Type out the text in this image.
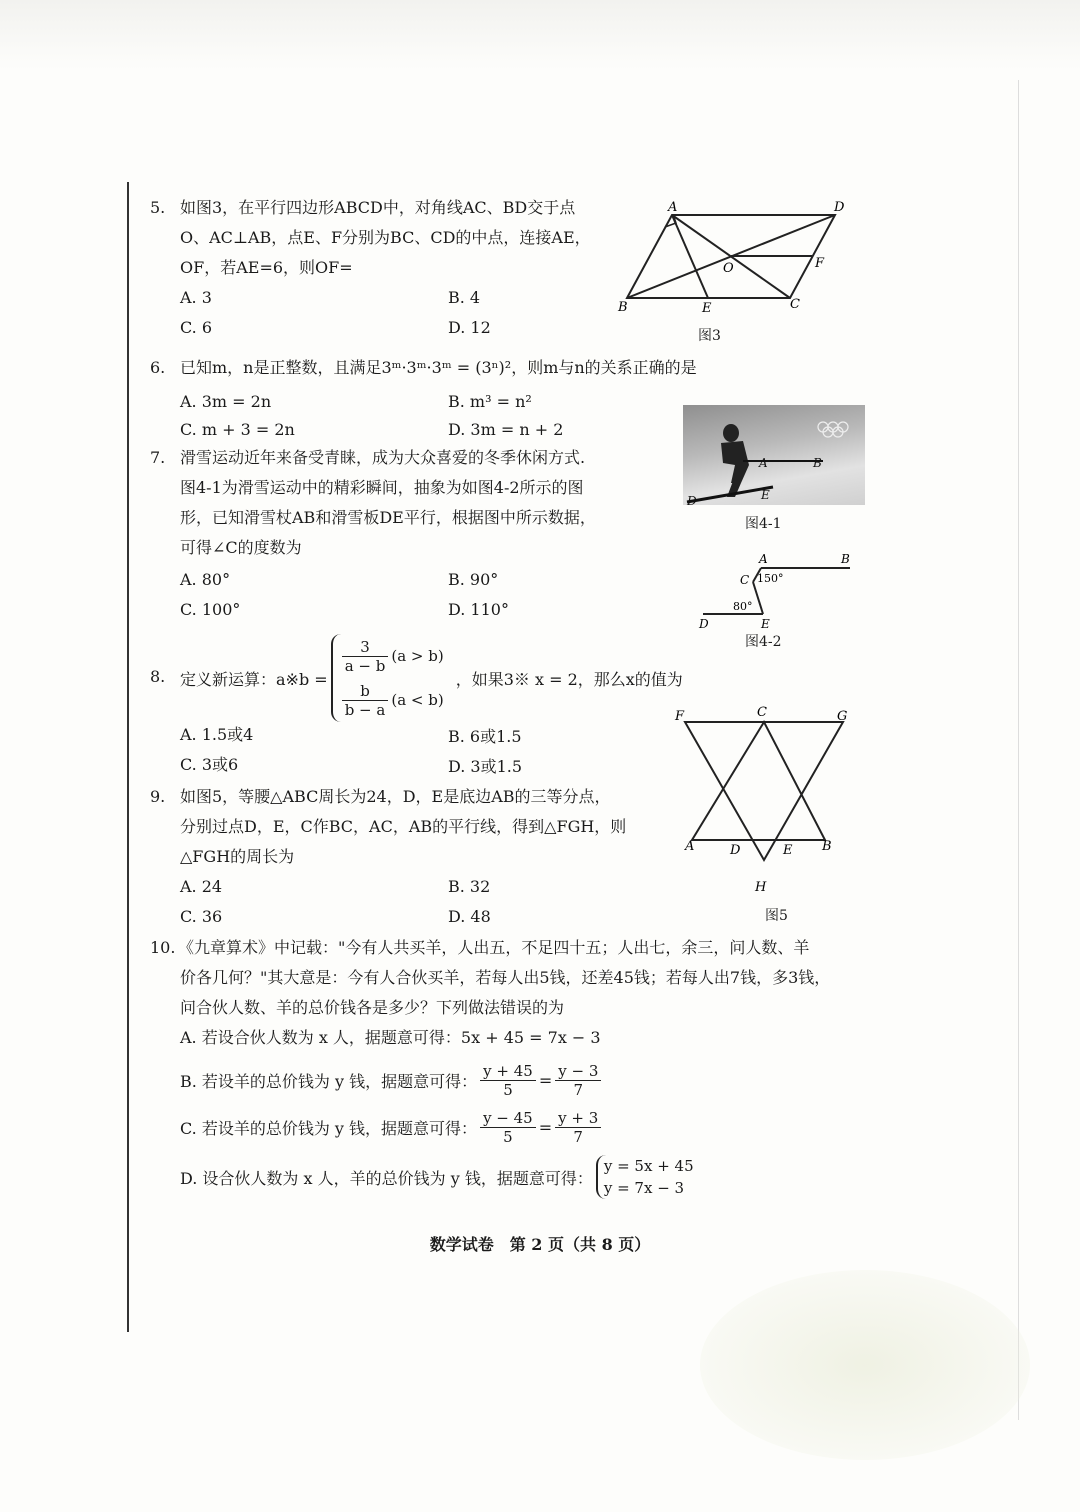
5. 如图3，在平行四边形ABCD中，对角线AC、BD交于点
O、AC⊥AB，点E、F分别为BC、CD的中点，连接AE，
OF，若AE=6，则OF=
A. 3	B. 4
C. 6	D. 12
A	D
B	E	C
F
O
图3
6. 已知m，n是正整数，且满足3ᵐ·3ᵐ·3ᵐ = (3ⁿ)²，则m与n的关系正确的是
A. 3m = 2n	B. m³ = n²
C. m + 3 = 2n	D. 3m = n + 2
7. 滑雪运动近年来备受青睐，成为大众喜爱的冬季休闲方式.
图4-1为滑雪运动中的精彩瞬间，抽象为如图4-2所示的图
形，已知滑雪杖AB和滑雪板DE平行，根据图中所示数据，
可得∠C的度数为
A. 80°	B. 90°
C. 100°	D. 110°
A	B
D	E
图4-1
A	B
C
D	E
150°
80°
图4-2
8. 定义新运算：a※b =
$\frac{3}{a - b} (a > b)$
$\frac{b}{b - a} (a < b)$
，如果3※ x = 2，那么x的值为
A. 1.5或4	B. 6或1.5
C. 3或6	D. 3或1.5
F	C	G
A	D	E B
H
图5
9. 如图5，等腰△ABC周长为24，D，E是底边AB的三等分点，
分别过点D，E，C作BC，AC，AB的平行线，得到△FGH，则
△FGH的周长为
A. 24	B. 32
C. 36	D. 48
10. 《九章算术》中记载："今有人共买羊，人出五，不足四十五；人出七，余三，问人数、羊
价各几何？"其大意是：今有人合伙买羊，若每人出5钱，还差45钱；若每人出7钱，多3钱，
问合伙人数、羊的总价钱各是多少？下列做法错误的为
A. 若设合伙人数为 x 人，据题意可得：5x + 45 = 7x − 3
B. 若设羊的总价钱为 y 钱，据题意可得： $\frac{y + 45}{5} = \frac{y - 3}{7}$
C. 若设羊的总价钱为 y 钱，据题意可得： $\frac{y - 45}{5} = \frac{y + 3}{7}$
D. 设合伙人数为 x 人，羊的总价钱为 y 钱，据题意可得：
y = 5x + 45
y = 7x − 3
数学试卷　第 2 页（共 8 页）
